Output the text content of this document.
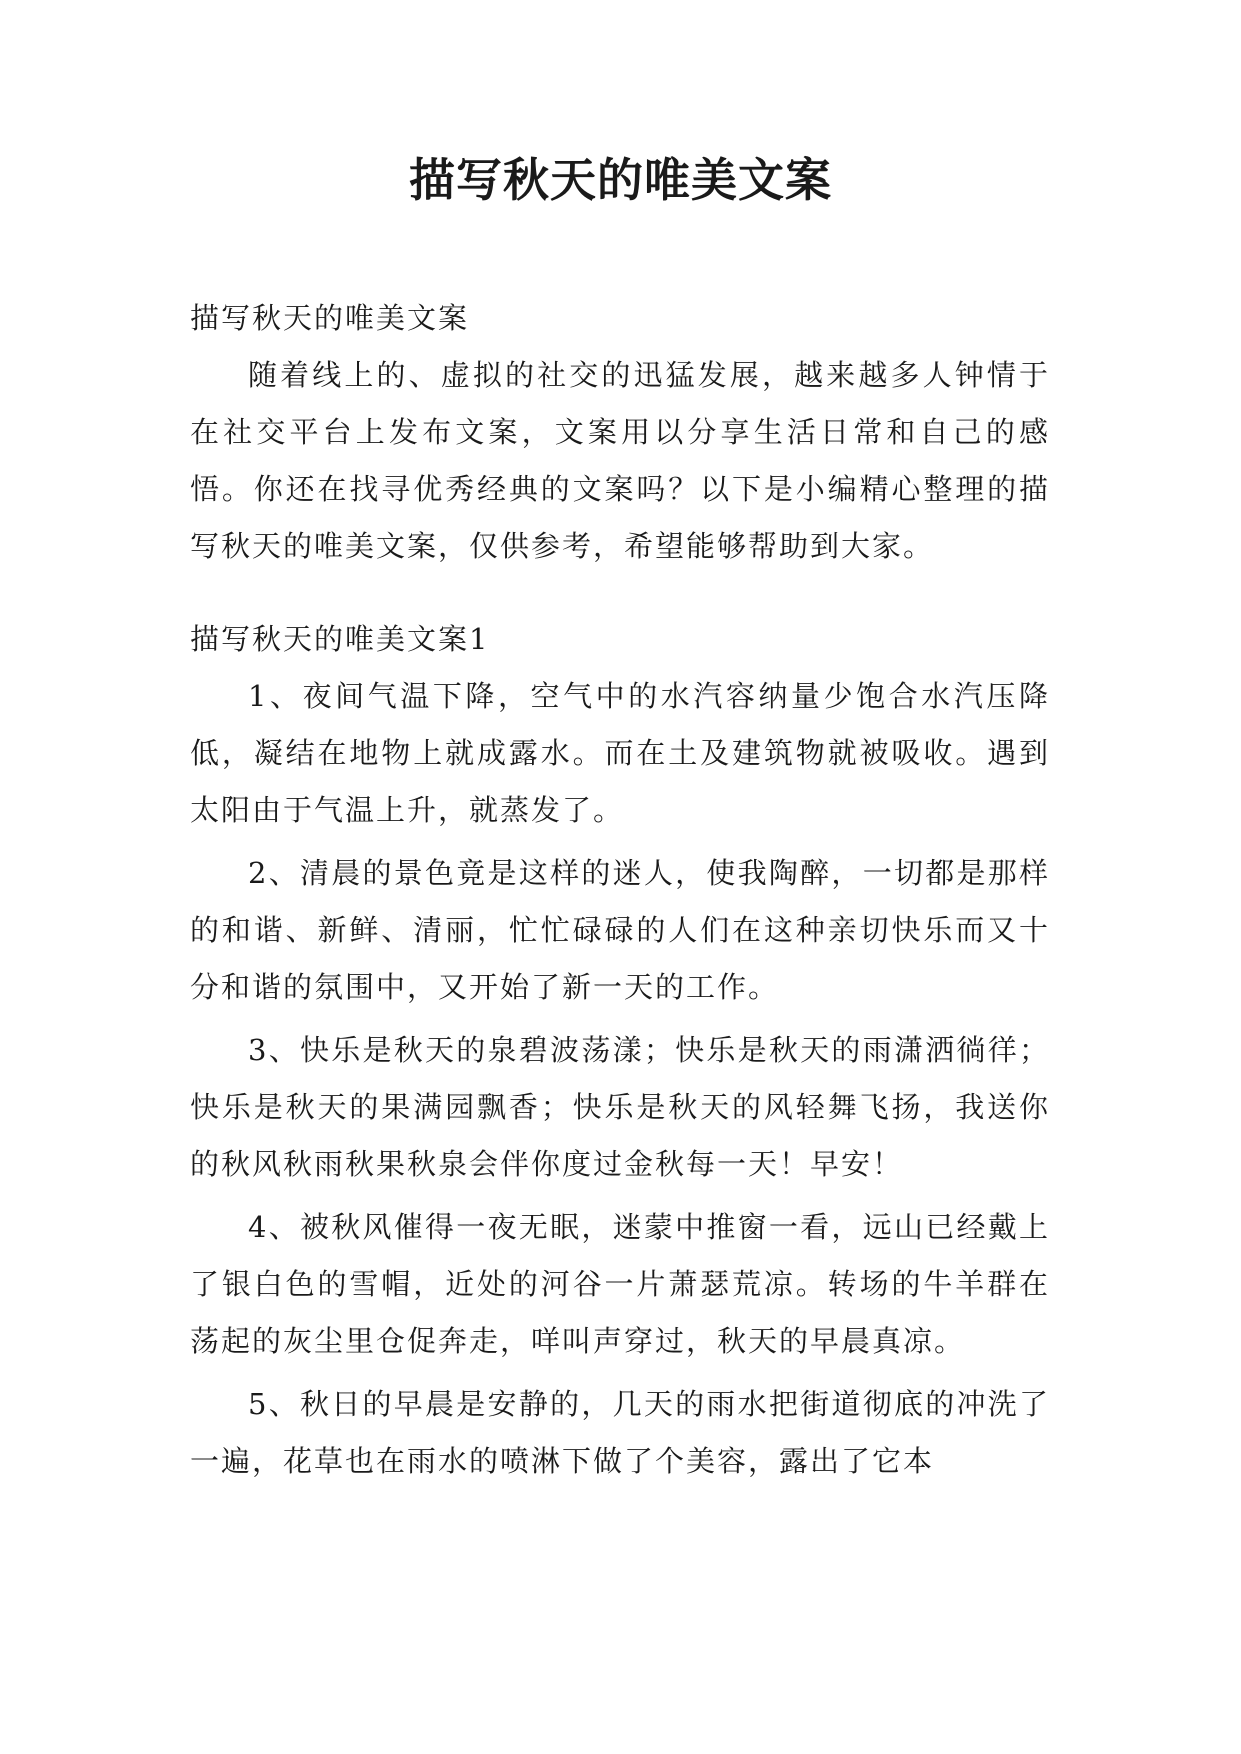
描写秋天的唯美文案

描写秋天的唯美文案

随着线上的、虚拟的社交的迅猛发展，越来越多人钟情于在社交平台上发布文案，文案用以分享生活日常和自己的感悟。你还在找寻优秀经典的文案吗？以下是小编精心整理的描写秋天的唯美文案，仅供参考，希望能够帮助到大家。

描写秋天的唯美文案1

1、夜间气温下降，空气中的水汽容纳量少饱合水汽压降低，凝结在地物上就成露水。而在土及建筑物就被吸收。遇到太阳由于气温上升，就蒸发了。

2、清晨的景色竟是这样的迷人，使我陶醉，一切都是那样的和谐、新鲜、清丽，忙忙碌碌的人们在这种亲切快乐而又十分和谐的氛围中，又开始了新一天的工作。

3、快乐是秋天的泉碧波荡漾；快乐是秋天的雨潇洒徜徉；快乐是秋天的果满园飘香；快乐是秋天的风轻舞飞扬，我送你的秋风秋雨秋果秋泉会伴你度过金秋每一天！早安！

4、被秋风催得一夜无眠，迷蒙中推窗一看，远山已经戴上了银白色的雪帽，近处的河谷一片萧瑟荒凉。转场的牛羊群在荡起的灰尘里仓促奔走，咩叫声穿过，秋天的早晨真凉。

5、秋日的早晨是安静的，几天的雨水把街道彻底的冲洗了一遍，花草也在雨水的喷淋下做了个美容，露出了它本
